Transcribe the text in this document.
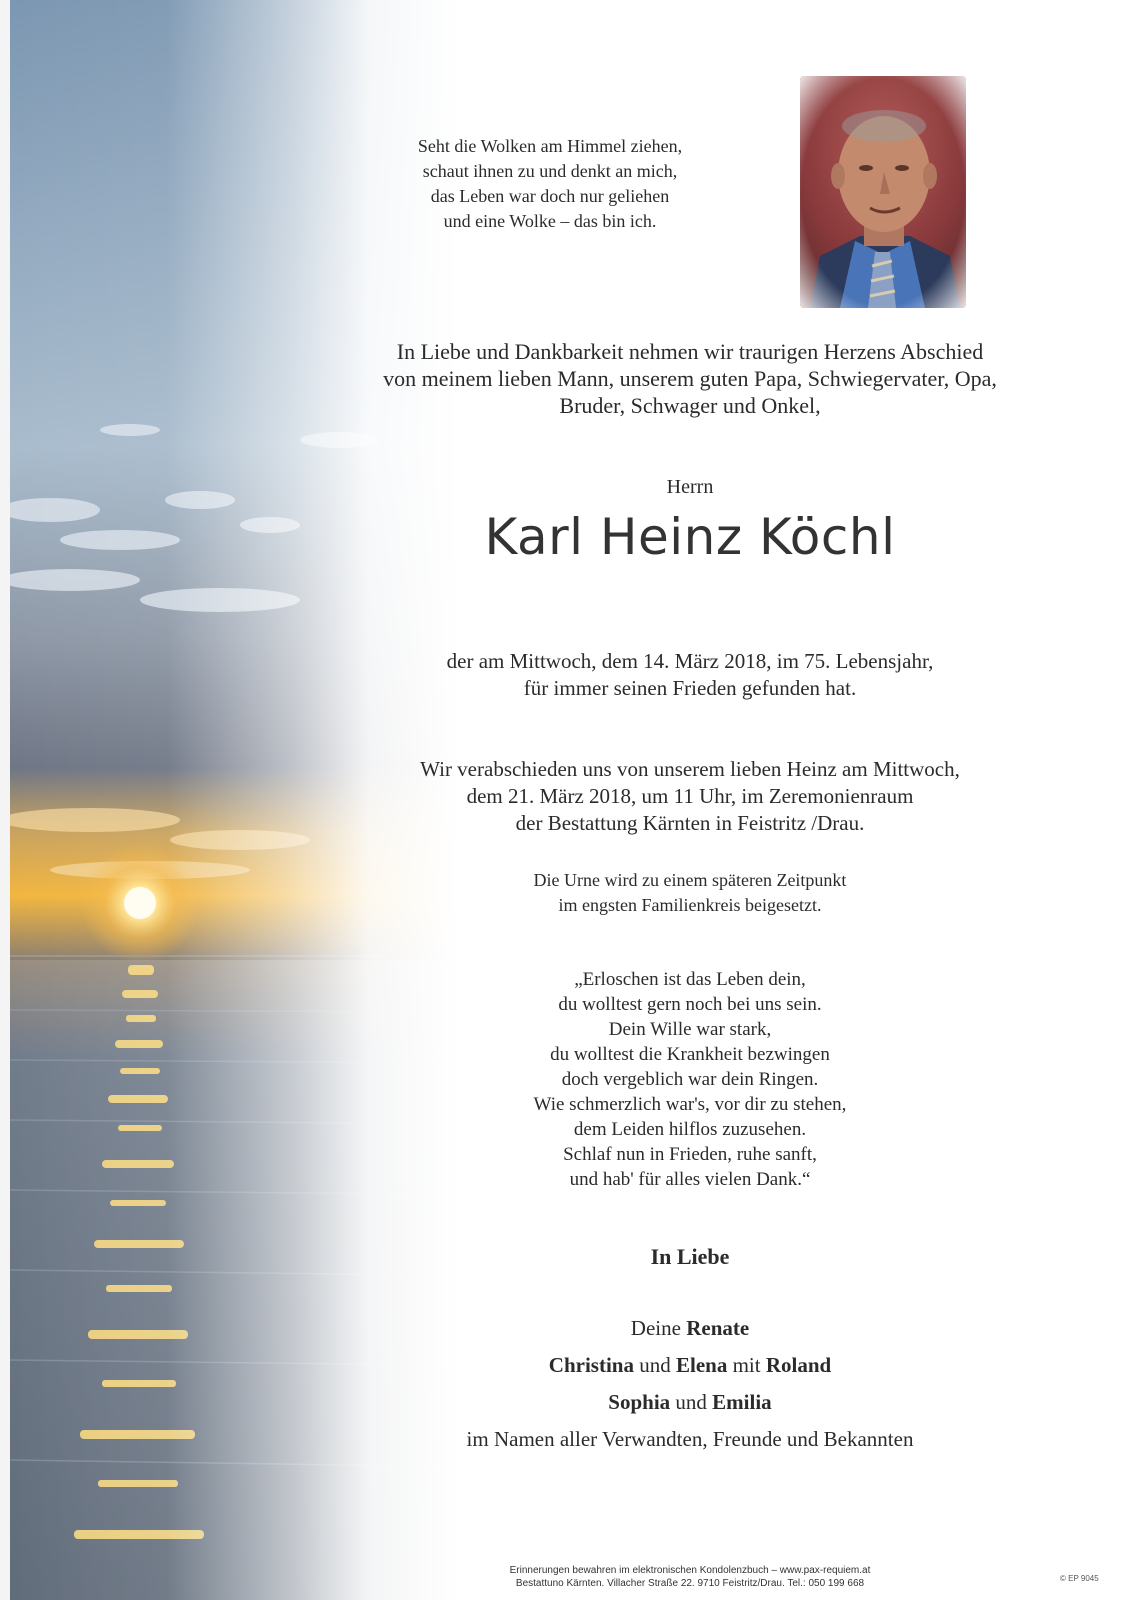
Seht die Wolken am Himmel ziehen,
schaut ihnen zu und denkt an mich,
das Leben war doch nur geliehen
und eine Wolke – das bin ich.
In Liebe und Dankbarkeit nehmen wir traurigen Herzens Abschied
von meinem lieben Mann, unserem guten Papa, Schwiegervater, Opa,
Bruder, Schwager und Onkel,
Herrn
Karl Heinz Köchl
der am Mittwoch, dem 14. März 2018, im 75. Lebensjahr,
für immer seinen Frieden gefunden hat.
Wir verabschieden uns von unserem lieben Heinz am Mittwoch,
dem 21. März 2018, um 11 Uhr, im Zeremonienraum
der Bestattung Kärnten in Feistritz /Drau.
Die Urne wird zu einem späteren Zeitpunkt
im engsten Familienkreis beigesetzt.
„Erloschen ist das Leben dein,
du wolltest gern noch bei uns sein.
Dein Wille war stark,
du wolltest die Krankheit bezwingen
doch vergeblich war dein Ringen.
Wie schmerzlich war's, vor dir zu stehen,
dem Leiden hilflos zuzusehen.
Schlaf nun in Frieden, ruhe sanft,
und hab' für alles vielen Dank.“
In Liebe
Deine Renate
Christina und Elena mit Roland
Sophia und Emilia
im Namen aller Verwandten, Freunde und Bekannten
Erinnerungen bewahren im elektronischen Kondolenzbuch – www.pax-requiem.at
Bestattuno Kärnten. Villacher Straße 22. 9710 Feistritz/Drau. Tel.: 050 199 668	© EP 9045
